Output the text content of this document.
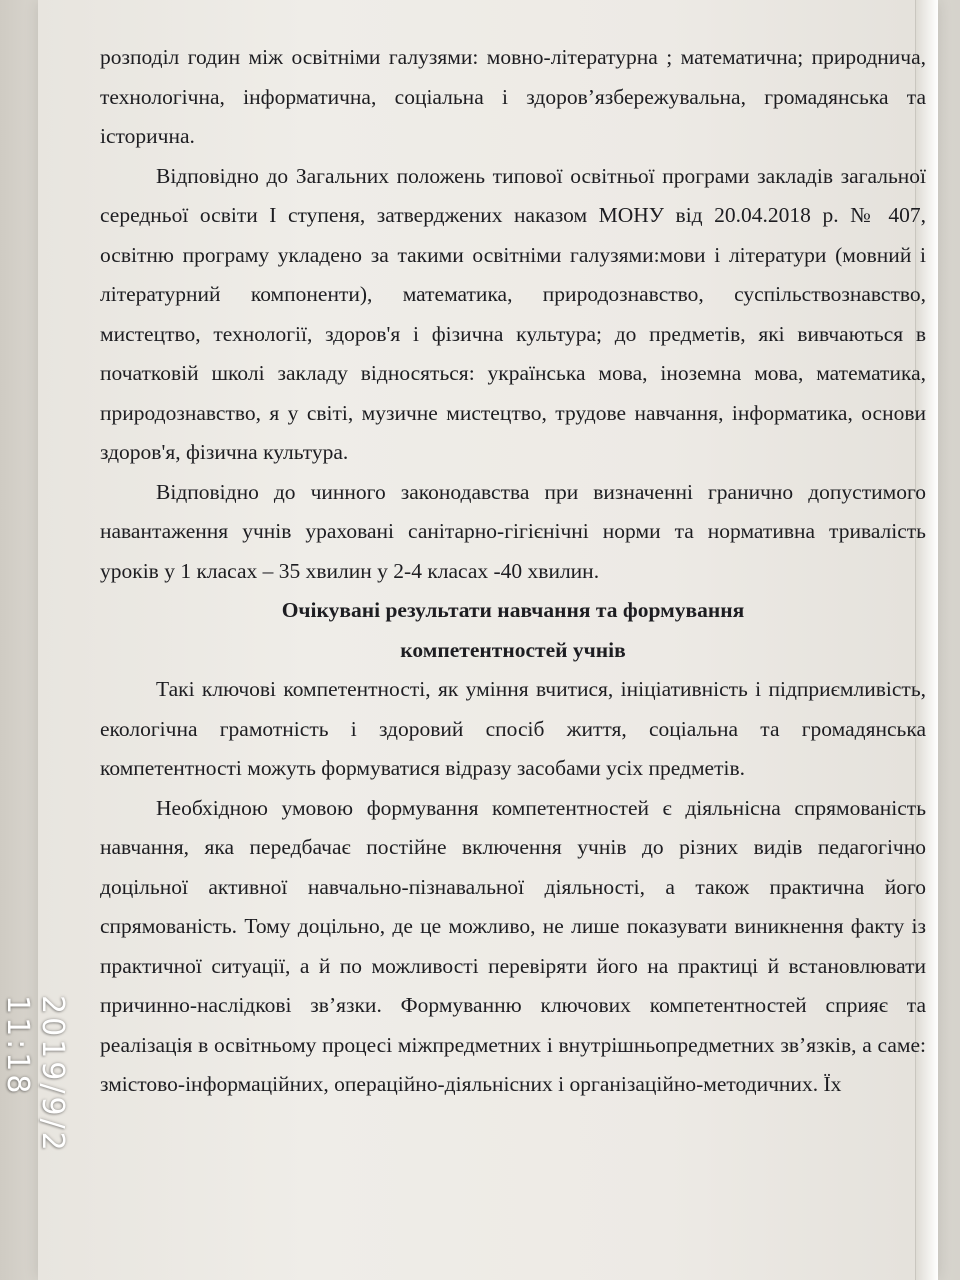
розподіл годин між освітніми галузями: мовно-літературна ; математична; природнича, технологічна, інформатична, соціальна і здоров’язбережувальна, громадянська та історична.

Відповідно до Загальних положень типової освітньої програми закладів загальної середньої освіти І ступеня, затверджених наказом МОНУ від 20.04.2018 р. № 407, освітню програму укладено за такими освітніми галузями:мови і літератури (мовний і літературний компоненти), математика, природознавство, суспільствознавство, мистецтво, технології, здоров'я і фізична культура; до предметів, які вивчаються в початковій школі закладу відносяться: українська мова, іноземна мова, математика, природознавство, я у світі, музичне мистецтво, трудове навчання, інформатика, основи здоров'я, фізична культура.

Відповідно до чинного законодавства при визначенні гранично допустимого навантаження учнів ураховані санітарно-гігієнічні норми та нормативна тривалість уроків у 1 класах – 35 хвилин у 2-4 класах -40 хвилин.

Очікувані результати навчання та формування

компетентностей учнів

Такі ключові компетентності, як уміння вчитися, ініціативність і підприємливість, екологічна грамотність і здоровий спосіб життя, соціальна та громадянська компетентності можуть формуватися відразу засобами усіх предметів.

Необхідною умовою формування компетентностей є діяльнісна спрямованість навчання, яка передбачає постійне включення учнів до різних видів педагогічно доцільної активної навчально-пізнавальної діяльності, а також практична його спрямованість. Тому доцільно, де це можливо, не лише показувати виникнення факту із практичної ситуації, а й по можливості перевіряти його на практиці й встановлювати причинно-наслідкові зв’язки. Формуванню ключових компетентностей сприяє та реалізація в освітньому процесі міжпредметних і внутрішньопредметних зв’язків, а саме: змістово-інформаційних, операційно-діяльнісних і організаційно-методичних. Їх

2019/9/2 11:18
